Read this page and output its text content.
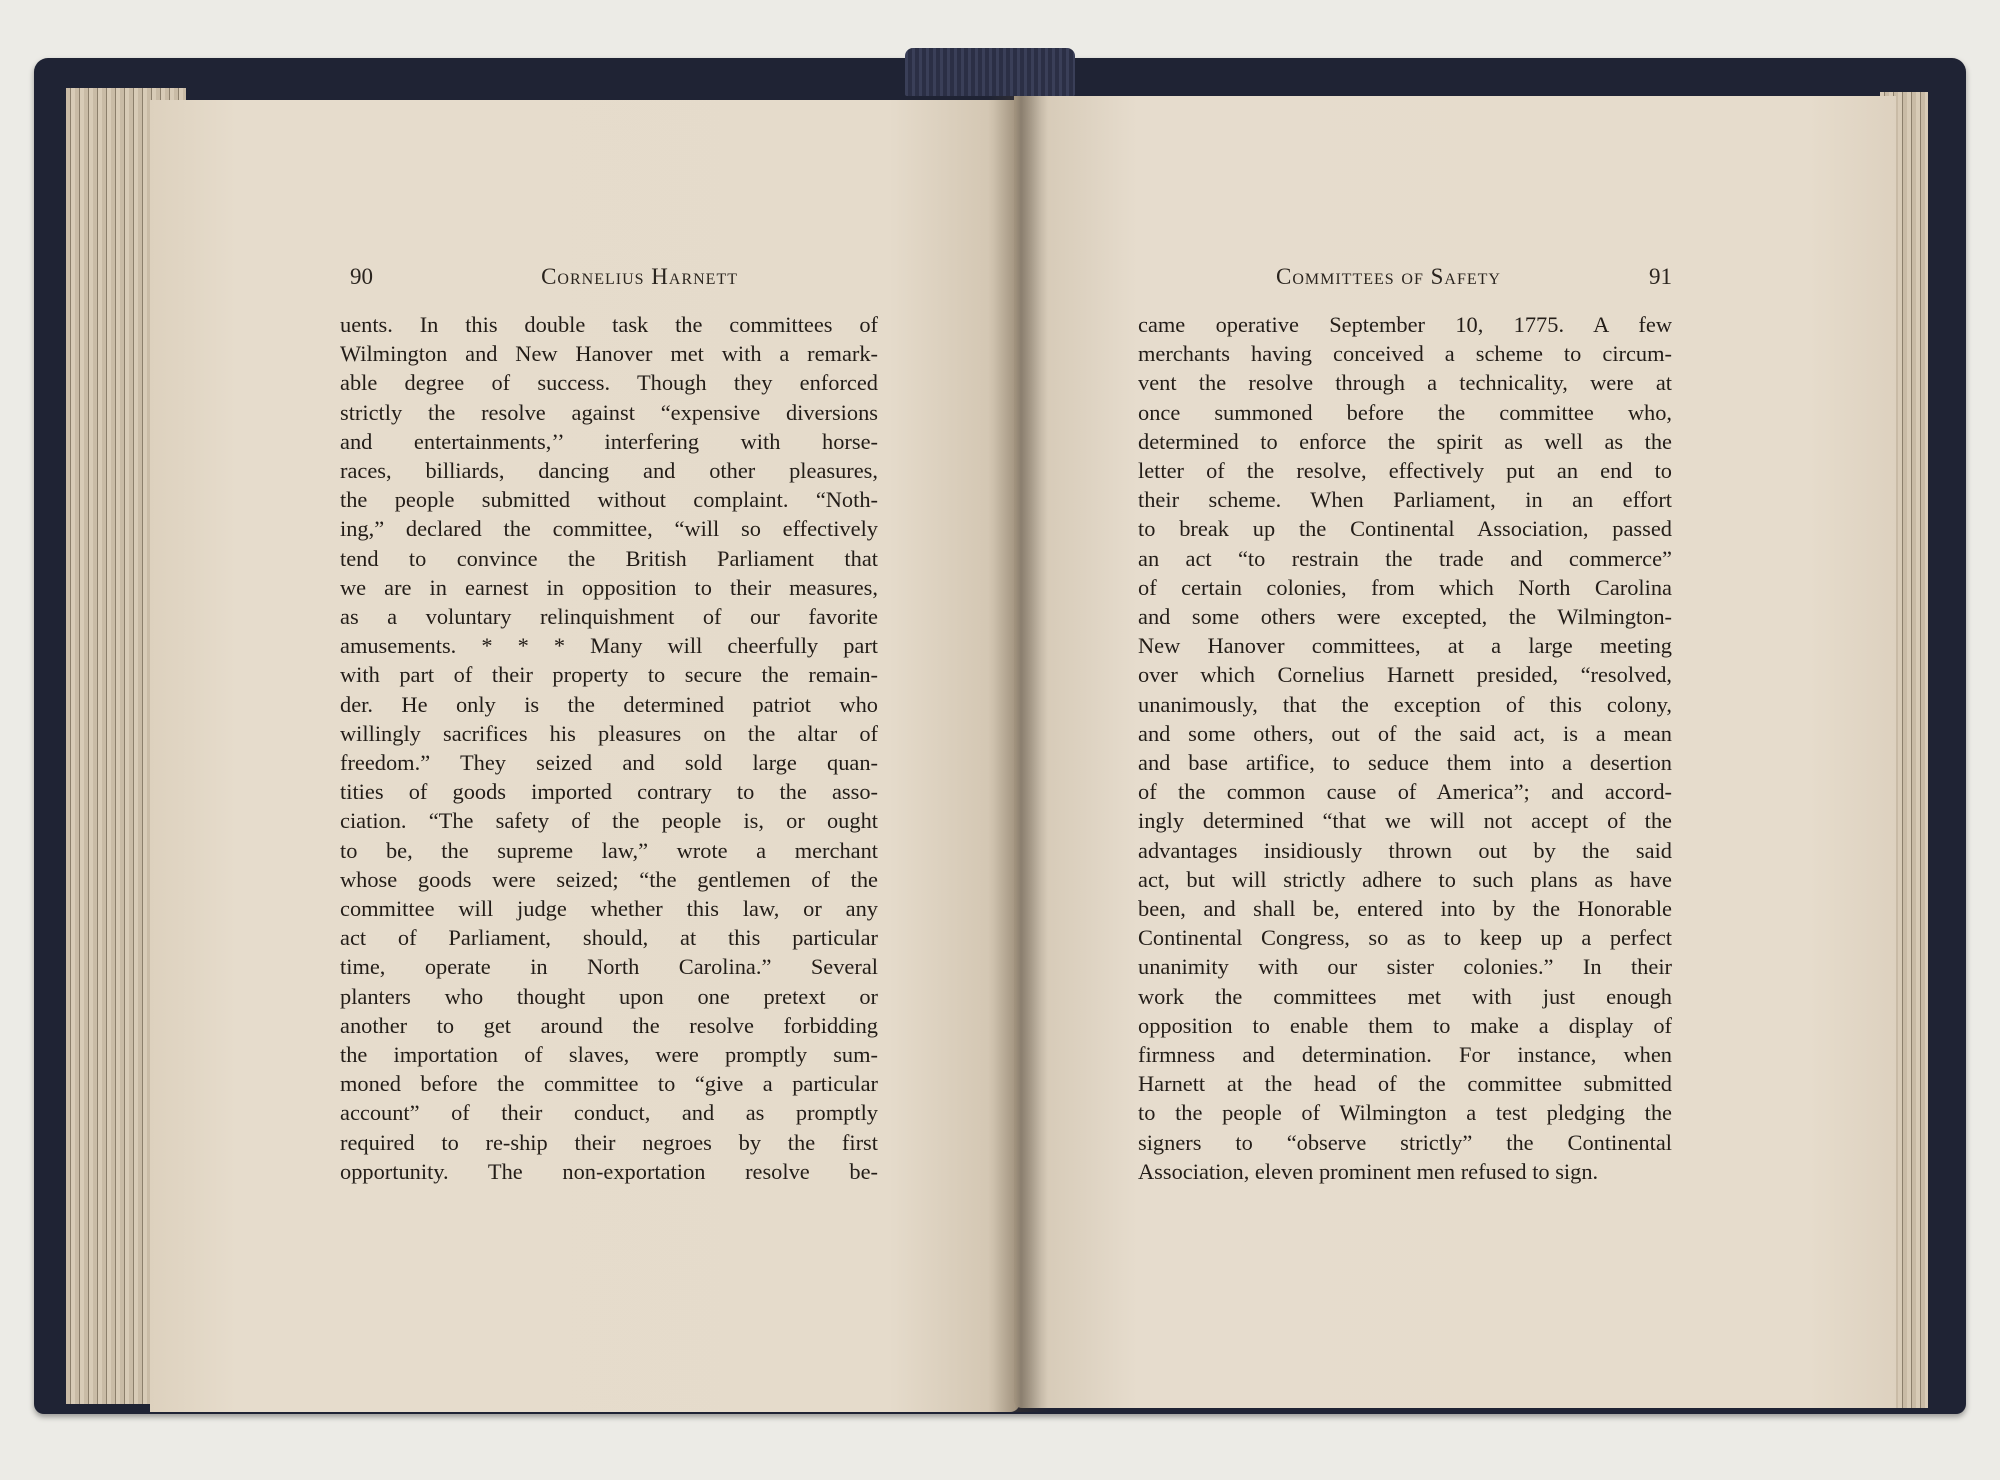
90	Cornelius Harnett	Committees of Safety	91
uents. In this double task the committees of
Wilmington and New Hanover met with a remark-
able degree of success. Though they enforced
strictly the resolve against “expensive diversions
and entertainments,’’ interfering with horse-
races, billiards, dancing and other pleasures,
the people submitted without complaint. “Noth-
ing,” declared the committee, “will so effectively
tend to convince the British Parliament that
we are in earnest in opposition to their measures,
as a voluntary relinquishment of our favorite
amusements. * * * Many will cheerfully part
with part of their property to secure the remain-
der. He only is the determined patriot who
willingly sacrifices his pleasures on the altar of
freedom.” They seized and sold large quan-
tities of goods imported contrary to the asso-
ciation. “The safety of the people is, or ought
to be, the supreme law,” wrote a merchant
whose goods were seized; “the gentlemen of the
committee will judge whether this law, or any
act of Parliament, should, at this particular
time, operate in North Carolina.” Several
planters who thought upon one pretext or
another to get around the resolve forbidding
the importation of slaves, were promptly sum-
moned before the committee to “give a particular
account” of their conduct, and as promptly
required to re-ship their negroes by the first
opportunity. The non-exportation resolve be-
came operative September 10, 1775. A few
merchants having conceived a scheme to circum-
vent the resolve through a technicality, were at
once summoned before the committee who,
determined to enforce the spirit as well as the
letter of the resolve, effectively put an end to
their scheme. When Parliament, in an effort
to break up the Continental Association, passed
an act “to restrain the trade and commerce”
of certain colonies, from which North Carolina
and some others were excepted, the Wilmington-
New Hanover committees, at a large meeting
over which Cornelius Harnett presided, “resolved,
unanimously, that the exception of this colony,
and some others, out of the said act, is a mean
and base artifice, to seduce them into a desertion
of the common cause of America”; and accord-
ingly determined “that we will not accept of the
advantages insidiously thrown out by the said
act, but will strictly adhere to such plans as have
been, and shall be, entered into by the Honorable
Continental Congress, so as to keep up a perfect
unanimity with our sister colonies.” In their
work the committees met with just enough
opposition to enable them to make a display of
firmness and determination. For instance, when
Harnett at the head of the committee submitted
to the people of Wilmington a test pledging the
signers to “observe strictly” the Continental
Association, eleven prominent men refused to sign.
